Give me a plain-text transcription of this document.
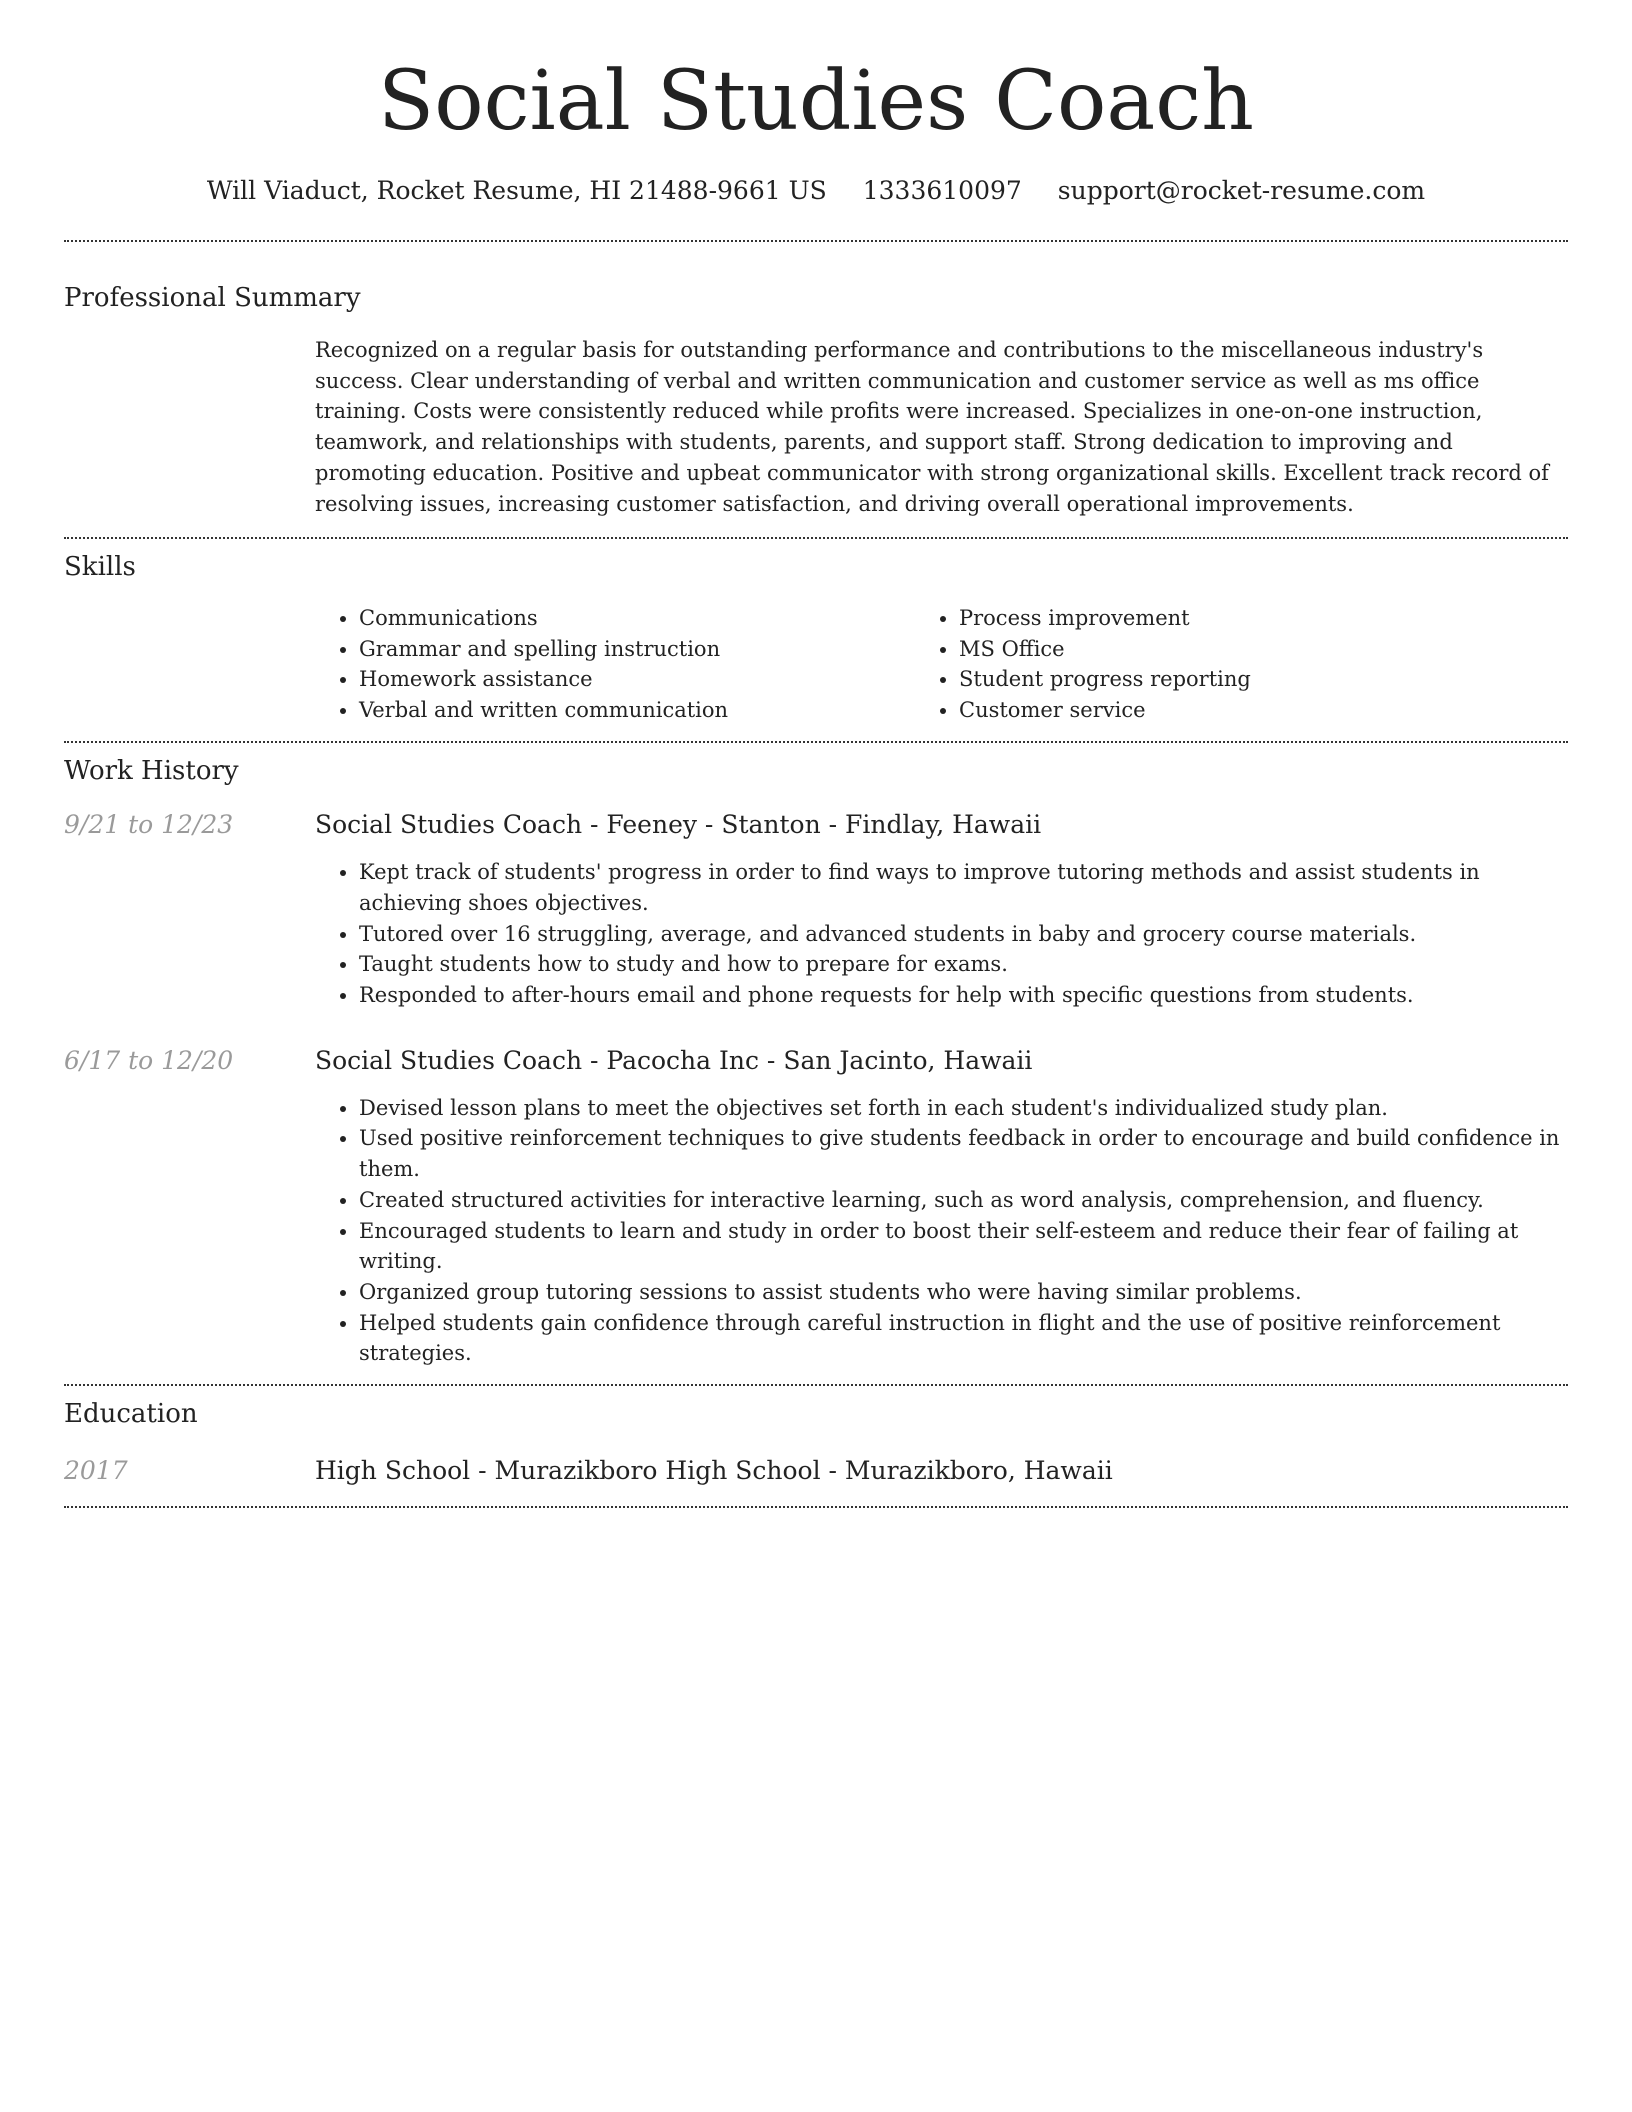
Social Studies Coach
Will Viaduct, Rocket Resume, HI 21488-9661 US 1333610097 support@rocket-resume.com
Professional Summary

Recognized on a regular basis for outstanding performance and contributions to the miscellaneous industry's success. Clear understanding of verbal and written communication and customer service as well as ms office training. Costs were consistently reduced while profits were increased. Specializes in one-on-one instruction, teamwork, and relationships with students, parents, and support staff. Strong dedication to improving and promoting education. Positive and upbeat communicator with strong organizational skills. Excellent track record of resolving issues, increasing customer satisfaction, and driving overall operational improvements.

Skills
• Communications
• Grammar and spelling instruction
• Homework assistance
• Verbal and written communication
• Process improvement
• MS Office
• Student progress reporting
• Customer service
Work History
9/21 to 12/23	Social Studies Coach - Feeney - Stanton - Findlay, Hawaii
• Kept track of students' progress in order to find ways to improve tutoring methods and assist students in achieving shoes objectives.
• Tutored over 16 struggling, average, and advanced students in baby and grocery course materials.
• Taught students how to study and how to prepare for exams.
• Responded to after-hours email and phone requests for help with specific questions from students.
6/17 to 12/20	Social Studies Coach - Pacocha Inc - San Jacinto, Hawaii
• Devised lesson plans to meet the objectives set forth in each student's individualized study plan.
• Used positive reinforcement techniques to give students feedback in order to encourage and build confidence in them.
• Created structured activities for interactive learning, such as word analysis, comprehension, and fluency.
• Encouraged students to learn and study in order to boost their self-esteem and reduce their fear of failing at writing.
• Organized group tutoring sessions to assist students who were having similar problems.
• Helped students gain confidence through careful instruction in flight and the use of positive reinforcement strategies.
Education
2017	High School - Murazikboro High School - Murazikboro, Hawaii
